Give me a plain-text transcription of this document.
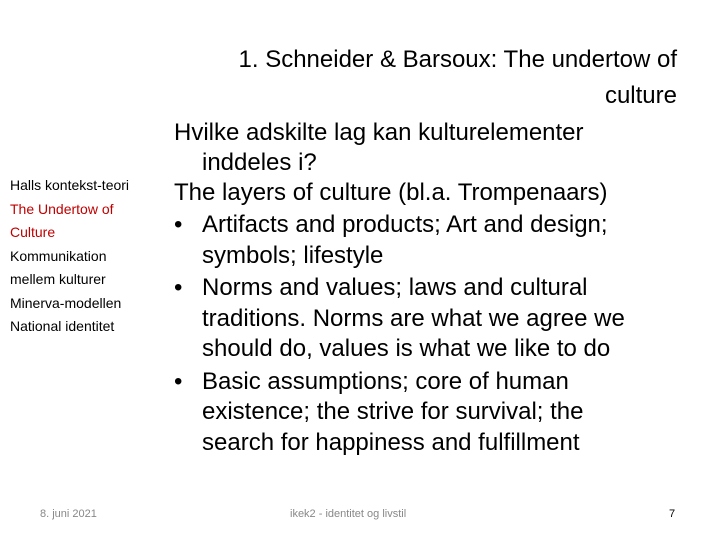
Halls kontekst-teori
The Undertow of
Culture
Kommunikation
mellem kulturer
Minerva-modellen
National identitet
1. Schneider & Barsoux: The undertow of
culture
Hvilke adskilte lag kan kulturelementer
inddeles i?
The layers of culture (bl.a. Trompenaars)
• Artifacts and products; Art and design;
symbols; lifestyle
• Norms and values; laws and cultural
traditions. Norms are what we agree we
should do, values is what we like to do
• Basic assumptions; core of human
existence; the strive for survival; the
search for happiness and fulfillment
8. juni 2021	ikek2 - identitet og livstil	7
